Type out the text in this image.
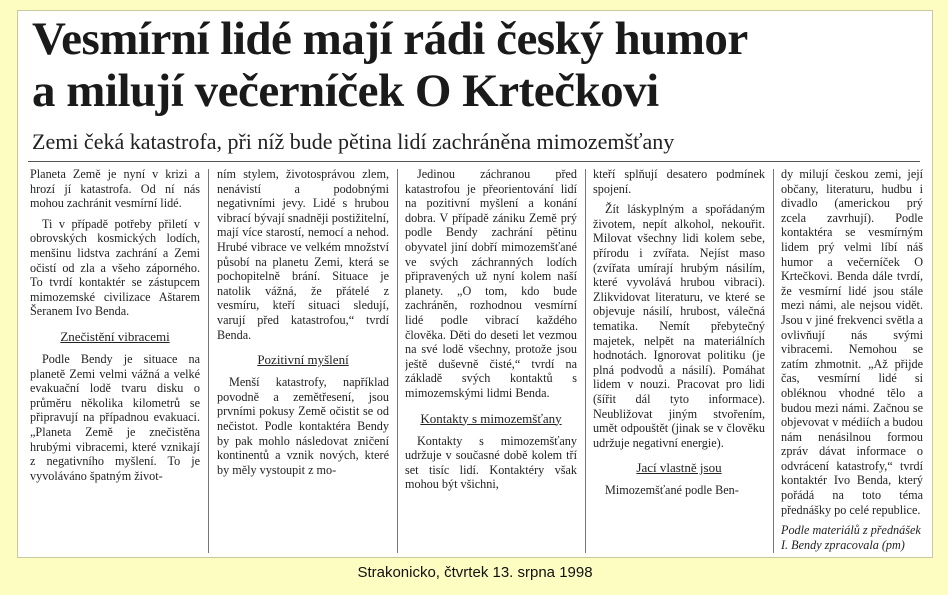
Vesmírní lidé mají rádi český humor
a milují večerníček O Krtečkovi
Zemi čeká katastrofa, při níž bude pětina lidí zachráněna mimozemšťany

Planeta Země je nyní v krizi a hrozí jí katastrofa. Od ní nás mohou zachránit vesmírní lidé.

Ti v případě potřeby přiletí v obrovských kosmických lodích, menšinu lidstva zachrání a Zemi očistí od zla a všeho záporného. To tvrdí kontaktér se zástupcem mimozemské civilizace Aštarem Šeranem Ivo Benda.

Znečistění vibracemi

Podle Bendy je situace na planetě Zemi velmi vážná a velké evakuační lodě tvaru disku o průměru několika kilometrů se připravují na případnou evakuaci. „Planeta Země je znečistěna hrubými vibracemi, které vznikají z negativního myšlení. To je vyvoláváno špatným život-

ním stylem, životosprávou zlem, nenávistí a podobnými negativními jevy. Lidé s hrubou vibrací bývají snadněji postižitelní, mají více starostí, nemocí a nehod. Hrubé vibrace ve velkém množství působí na planetu Zemi, která se pochopitelně brání. Situace je natolik vážná, že přátelé z vesmíru, kteří situaci sledují, varují před katastrofou,“ tvrdí Benda.

Pozitivní myšlení

Menší katastrofy, například povodně a zemětřesení, jsou prvními pokusy Země očistit se od nečistot. Podle kontaktéra Bendy by pak mohlo následovat zničení kontinentů a vznik nových, které by měly vystoupit z mo-

Jedinou záchranou před katastrofou je přeorientování lidí na pozitivní myšlení a konání dobra. V případě zániku Země prý podle Bendy zachrání pětinu obyvatel jiní dobří mimozemšťané ve svých záchranných lodích připravených už nyní kolem naší planety. „O tom, kdo bude zachráněn, rozhodnou vesmírní lidé podle vibrací každého člověka. Děti do deseti let vezmou na své lodě všechny, protože jsou ještě duševně čisté,“ tvrdí na základě svých kontaktů s mimozemskými lidmi Benda.

Kontakty s mimozemšťany

Kontakty s mimozemšťany udržuje v současné době kolem tří set tisíc lidí. Kontaktéry však mohou být všichni,

kteří splňují desatero podmínek spojení.

Žít láskyplným a spořádaným životem, nepít alkohol, nekouřit. Milovat všechny lidi kolem sebe, přírodu i zvířata. Nejíst maso (zvířata umírají hrubým násilím, které vyvolává hrubou vibraci). Zlikvidovat literaturu, ve které se objevuje násilí, hrubost, válečná tematika. Nemít přebytečný majetek, nelpět na materiálních hodnotách. Ignorovat politiku (je plná podvodů a násilí). Pomáhat lidem v nouzi. Pracovat pro lidi (šířit dál tyto informace). Neubližovat jiným stvořením, umět odpouštět (jinak se v člověku udržuje negativní energie).

Jací vlastně jsou

Mimozemšťané podle Ben-

dy milují českou zemi, její občany, literaturu, hudbu i divadlo (americkou prý zcela zavrhují). Podle kontaktéra se vesmírným lidem prý velmi líbí náš humor a večerníček O Krtečkovi. Benda dále tvrdí, že vesmírní lidé jsou stále mezi námi, ale nejsou vidět. Jsou v jiné frekvenci světla a ovlivňují nás svými vibracemi. Nemohou se zatím zhmotnit. „Až přijde čas, vesmírní lidé si obléknou vhodné tělo a budou mezi námi. Začnou se objevovat v médiích a budou nám nenásilnou formou zpráv dávat informace o odvrácení katastrofy,“ tvrdí kontaktér Ivo Benda, který pořádá na toto téma přednášky po celé republice.

Podle materiálů z přednášek I. Bendy zpracovala (pm)

Strakonicko, čtvrtek 13. srpna 1998
